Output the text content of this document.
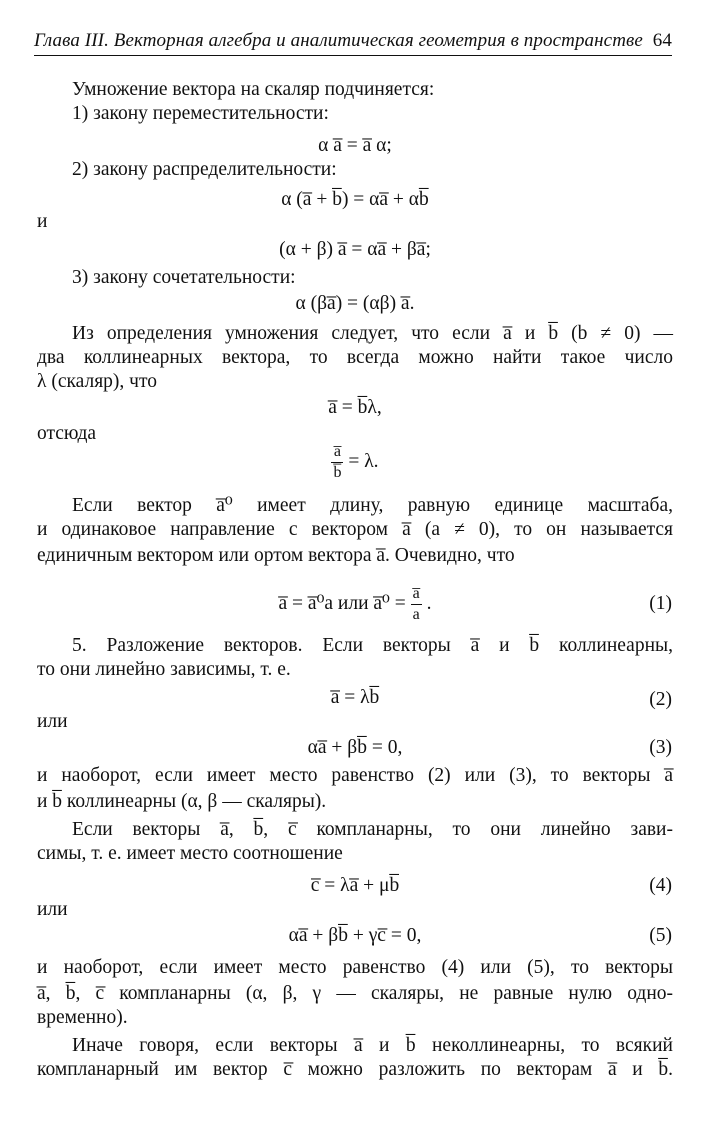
Глава III. Векторная алгебра и аналитическая геометрия в пространстве 64
Умножение вектора на скаляр подчиняется:
1) закону переместительности:
α a̅ = a̅ α;
2) закону распределительности:
α (a̅ + b̅) = αa̅ + αb̅
и
(α + β) a̅ = αa̅ + βa̅;
3) закону сочетательности:
α (βa̅) = (αβ) a̅.
Из определения умножения следует, что если a̅ и b̅ (b ≠ 0) —
два коллинеарных вектора, то всегда можно найти такое число
λ (скаляр), что
a̅ = b̅λ,
отсюда
$\frac{a̅}{b̅} = \lambda$.
Если вектор a̅⁰ имеет длину, равную единице масштаба,
и одинаковое направление с вектором a̅ (a ≠ 0), то он называется
единичным вектором или ортом вектора a̅. Очевидно, что
a̅ = a̅⁰a или a̅⁰ = $\frac{a̅}{a}$ .	(1)
5. Разложение векторов. Если векторы a̅ и b̅ коллинеарны,
то они линейно зависимы, т. е.
a̅ = λb̅	(2)
или
αa̅ + βb̅ = 0,	(3)
и наоборот, если имеет место равенство (2) или (3), то векторы a̅
и b̅ коллинеарны (α, β — скаляры).
Если векторы a̅, b̅, c̅ компланарны, то они линейно зави-
симы, т. е. имеет место соотношение
c̅ = λa̅ + μb̅	(4)
или
αa̅ + βb̅ + γc̅ = 0,	(5)
и наоборот, если имеет место равенство (4) или (5), то векторы
a̅, b̅, c̅ компланарны (α, β, γ — скаляры, не равные нулю одно-
временно).
Иначе говоря, если векторы a̅ и b̅ неколлинеарны, то всякий
компланарный им вектор c̅ можно разложить по векторам a̅ и b̅.
